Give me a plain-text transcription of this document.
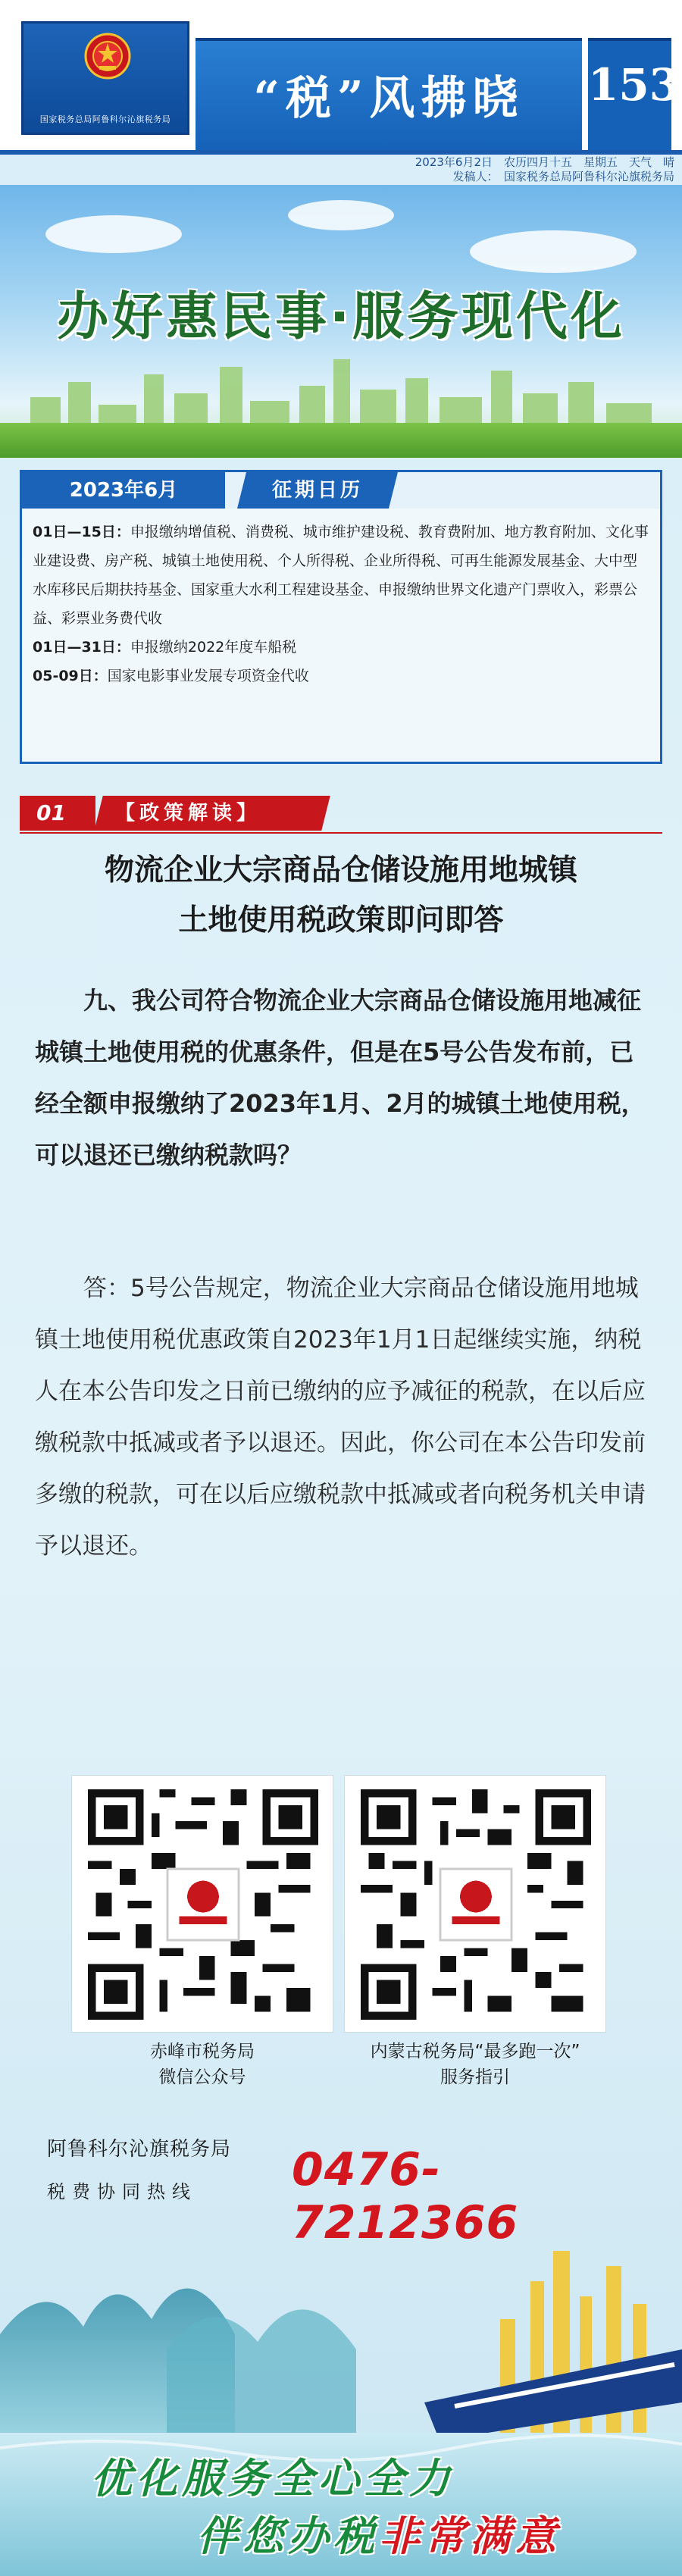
国家税务总局阿鲁科尔沁旗税务局	“税”风拂晓	153
2023年6月2日　农历四月十五　星期五　天气　晴
发稿人：　国家税务总局阿鲁科尔沁旗税务局
办好惠民事·服务现代化
2023年6月	征期日历
01日—15日：申报缴纳增值税、消费税、城市维护建设税、教育费附加、地方教育附加、文化事业建设费、房产税、城镇土地使用税、个人所得税、企业所得税、可再生能源发展基金、大中型水库移民后期扶持基金、国家重大水利工程建设基金、申报缴纳世界文化遗产门票收入，彩票公益、彩票业务费代收
01日—31日：申报缴纳2022年度车船税
05-09日：国家电影事业发展专项资金代收
01	【政策解读】
物流企业大宗商品仓储设施用地城镇
土地使用税政策即问即答
九、我公司符合物流企业大宗商品仓储设施用地减征城镇土地使用税的优惠条件，但是在5号公告发布前，已经全额申报缴纳了2023年1月、2月的城镇土地使用税，可以退还已缴纳税款吗？
答：5号公告规定，物流企业大宗商品仓储设施用地城镇土地使用税优惠政策自2023年1月1日起继续实施，纳税人在本公告印发之日前已缴纳的应予减征的税款，在以后应缴税款中抵减或者予以退还。因此，你公司在本公告印发前多缴的税款，可在以后应缴税款中抵减或者向税务机关申请予以退还。
赤峰市税务局
微信公众号
内蒙古税务局“最多跑一次”
服务指引
阿鲁科尔沁旗税务局
税费协同热线	0476-7212366
优化服务全心全力
伴您办税非常满意
